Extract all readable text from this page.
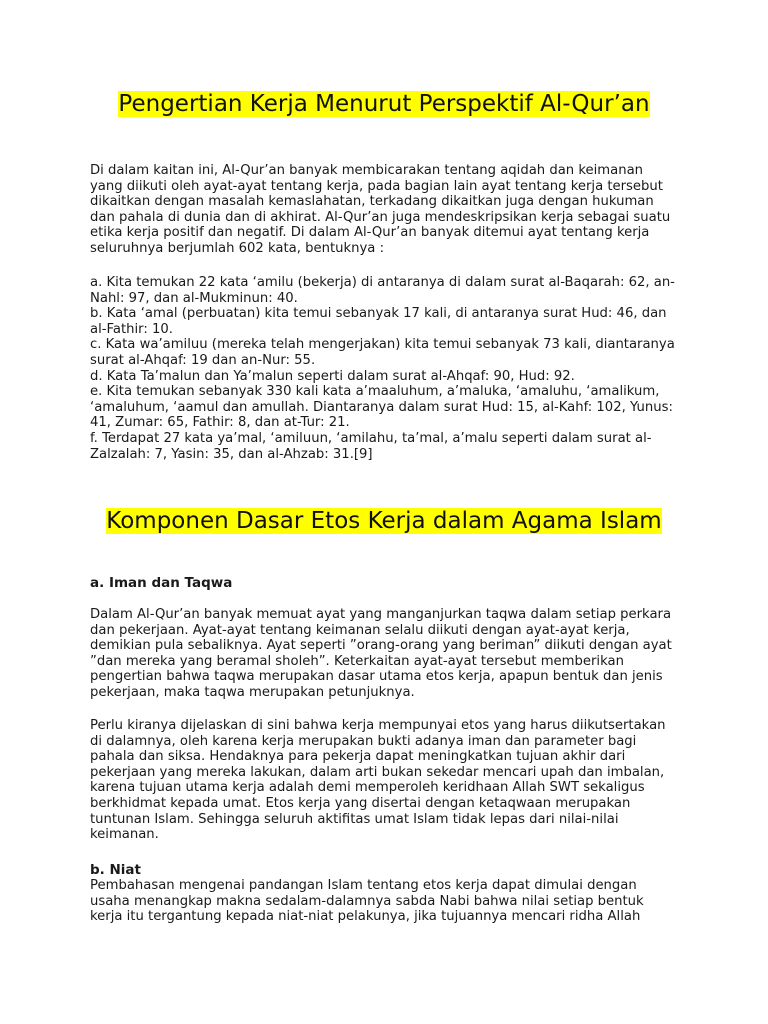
Pengertian Kerja Menurut Perspektif Al-Qur’an

Di dalam kaitan ini, Al-Qur’an banyak membicarakan tentang aqidah dan keimanan
yang diikuti oleh ayat-ayat tentang kerja, pada bagian lain ayat tentang kerja tersebut
dikaitkan dengan masalah kemaslahatan, terkadang dikaitkan juga dengan hukuman
dan pahala di dunia dan di akhirat. Al-Qur’an juga mendeskripsikan kerja sebagai suatu
etika kerja positif dan negatif. Di dalam Al-Qur’an banyak ditemui ayat tentang kerja
seluruhnya berjumlah 602 kata, bentuknya :

a. Kita temukan 22 kata ‘amilu (bekerja) di antaranya di dalam surat al-Baqarah: 62, an-
Nahl: 97, dan al-Mukminun: 40.
b. Kata ‘amal (perbuatan) kita temui sebanyak 17 kali, di antaranya surat Hud: 46, dan
al-Fathir: 10.
c. Kata wa’amiluu (mereka telah mengerjakan) kita temui sebanyak 73 kali, diantaranya
surat al-Ahqaf: 19 dan an-Nur: 55.
d. Kata Ta’malun dan Ya’malun seperti dalam surat al-Ahqaf: 90, Hud: 92.
e. Kita temukan sebanyak 330 kali kata a’maaluhum, a’maluka, ‘amaluhu, ‘amalikum,
‘amaluhum, ‘aamul dan amullah. Diantaranya dalam surat Hud: 15, al-Kahf: 102, Yunus:
41, Zumar: 65, Fathir: 8, dan at-Tur: 21.
f. Terdapat 27 kata ya’mal, ‘amiluun, ‘amilahu, ta’mal, a’malu seperti dalam surat al-
Zalzalah: 7, Yasin: 35, dan al-Ahzab: 31.[9]

Komponen Dasar Etos Kerja dalam Agama Islam

a. Iman dan Taqwa

Dalam Al-Qur’an banyak memuat ayat yang manganjurkan taqwa dalam setiap perkara
dan pekerjaan. Ayat-ayat tentang keimanan selalu diikuti dengan ayat-ayat kerja,
demikian pula sebaliknya. Ayat seperti ”orang-orang yang beriman” diikuti dengan ayat
”dan mereka yang beramal sholeh”. Keterkaitan ayat-ayat tersebut memberikan
pengertian bahwa taqwa merupakan dasar utama etos kerja, apapun bentuk dan jenis
pekerjaan, maka taqwa merupakan petunjuknya.

Perlu kiranya dijelaskan di sini bahwa kerja mempunyai etos yang harus diikutsertakan
di dalamnya, oleh karena kerja merupakan bukti adanya iman dan parameter bagi
pahala dan siksa. Hendaknya para pekerja dapat meningkatkan tujuan akhir dari
pekerjaan yang mereka lakukan, dalam arti bukan sekedar mencari upah dan imbalan,
karena tujuan utama kerja adalah demi memperoleh keridhaan Allah SWT sekaligus
berkhidmat kepada umat. Etos kerja yang disertai dengan ketaqwaan merupakan
tuntunan Islam. Sehingga seluruh aktifitas umat Islam tidak lepas dari nilai-nilai
keimanan.

b. Niat

Pembahasan mengenai pandangan Islam tentang etos kerja dapat dimulai dengan
usaha menangkap makna sedalam-dalamnya sabda Nabi bahwa nilai setiap bentuk
kerja itu tergantung kepada niat-niat pelakunya, jika tujuannya mencari ridha Allah
